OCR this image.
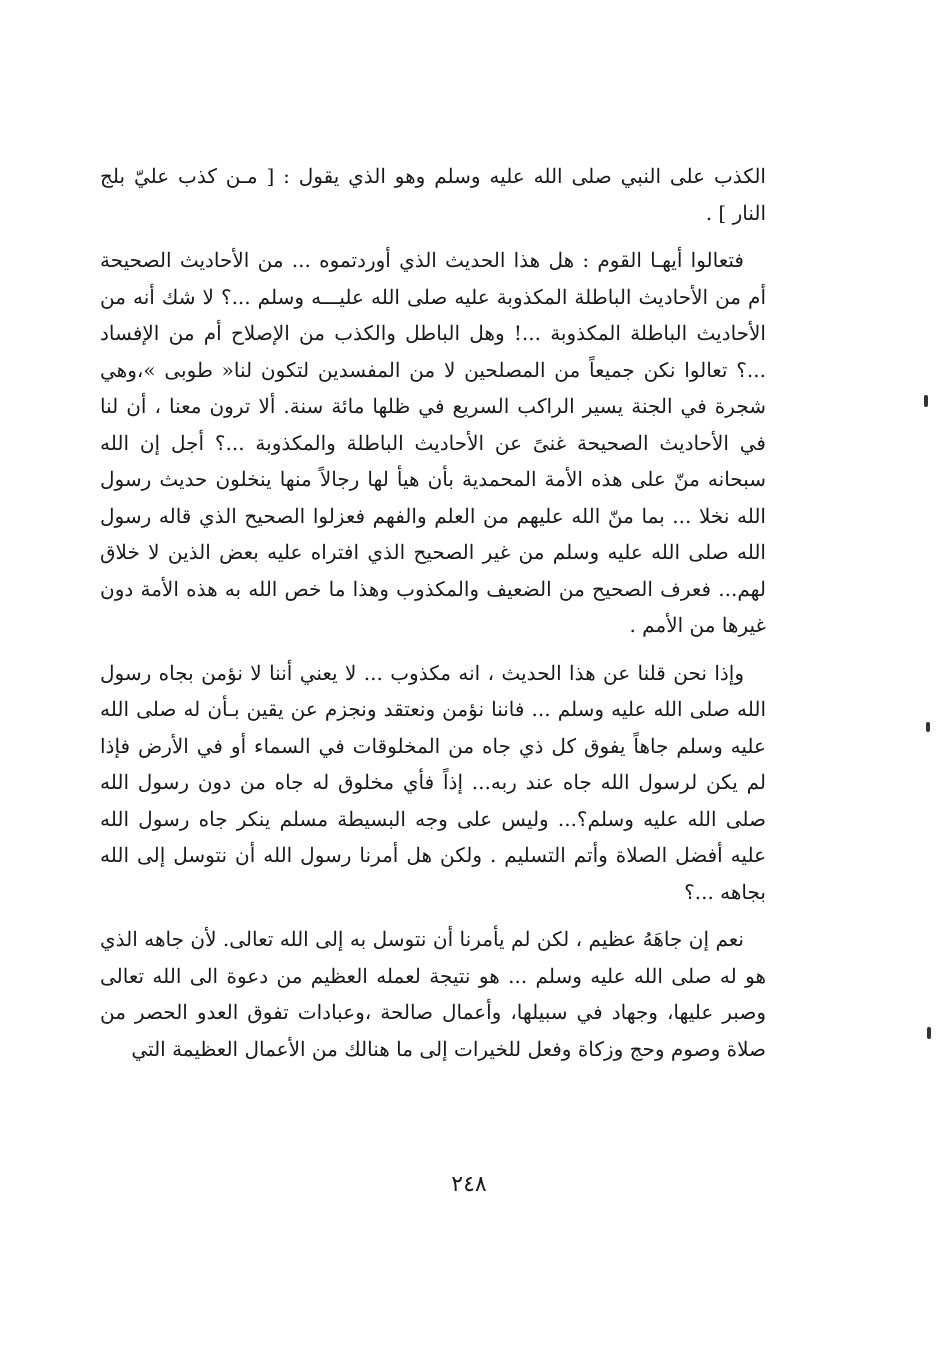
الكذب على النبي صلى الله عليه وسلم وهو الذي يقول : [ مـن كذب عليّ بلج النار ] .

فتعالوا أيهـا القوم : هل هذا الحديث الذي أوردتموه ... من الأحاديث الصحيحة أم من الأحاديث الباطلة المكذوبة عليه صلى الله عليـــه وسلم ...؟ لا شك أنه من الأحاديث الباطلة المكذوبة ...! وهل الباطل والكذب من الإصلاح أم من الإفساد ...؟ تعالوا نكن جميعاً من المصلحين لا من المفسدين لتكون لنا« طوبى »،وهي شجرة في الجنة يسير الراكب السريع في ظلها مائة سنة. ألا ترون معنا ، أن لنا في الأحاديث الصحيحة غنىً عن الأحاديث الباطلة والمكذوبة ...؟ أجل إن الله سبحانه منّ على هذه الأمة المحمدية بأن هيأ لها رجالاً منها ينخلون حديث رسول الله نخلا ... بما منّ الله عليهم من العلم والفهم فعزلوا الصحيح الذي قاله رسول الله صلى الله عليه وسلم من غير الصحيح الذي افتراه عليه بعض الذين لا خلاق لهم... فعرف الصحيح من الضعيف والمكذوب وهذا ما خص الله به هذه الأمة دون غيرها من الأمم .

وإذا نحن قلنا عن هذا الحديث ، انه مكذوب ... لا يعني أننا لا نؤمن بجاه رسول الله صلى الله عليه وسلم ... فاننا نؤمن ونعتقد ونجزم عن يقين بـأن له صلى الله عليه وسلم جاهاً يفوق كل ذي جاه من المخلوقات في السماء أو في الأرض فإذا لم يكن لرسول الله جاه عند ربه... إذاً فأي مخلوق له جاه من دون رسول الله صلى الله عليه وسلم؟... وليس على وجه البسيطة مسلم ينكر جاه رسول الله عليه أفضل الصلاة وأتم التسليم . ولكن هل أمرنا رسول الله أن نتوسل إلى الله بجاهه ...؟

نعم إن جاهَهُ عظيم ، لكن لم يأمرنا أن نتوسل به إلى الله تعالى. لأن جاهه الذي هو له صلى الله عليه وسلم ... هو نتيجة لعمله العظيم من دعوة الى الله تعالى وصبر عليها، وجهاد في سبيلها، وأعمال صالحة ،وعبادات تفوق العدو الحصر من صلاة وصوم وحج وزكاة وفعل للخيرات إلى ما هنالك من الأعمال العظيمة التي

٢٤٨
